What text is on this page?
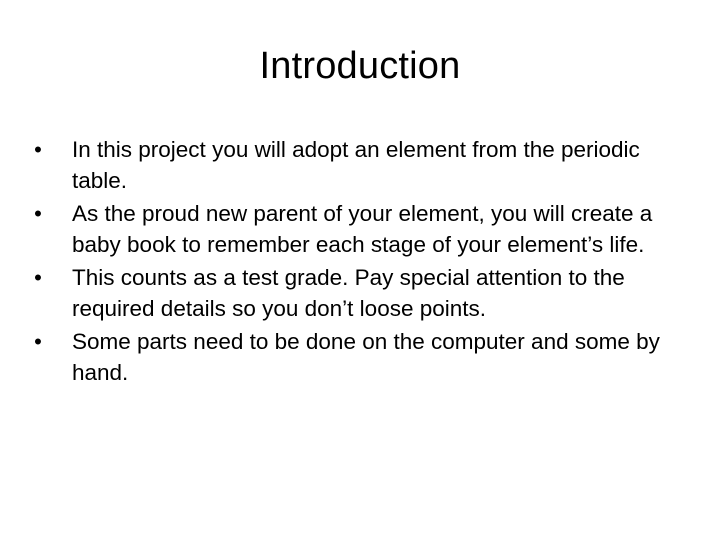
Introduction
• In this project you will adopt an element from the periodic table.
• As the proud new parent of your element, you will create a baby book to remember each stage of your element’s life.
• This counts as a test grade. Pay special attention to the required details so you don’t loose points.
• Some parts need to be done on the computer and some by hand.
